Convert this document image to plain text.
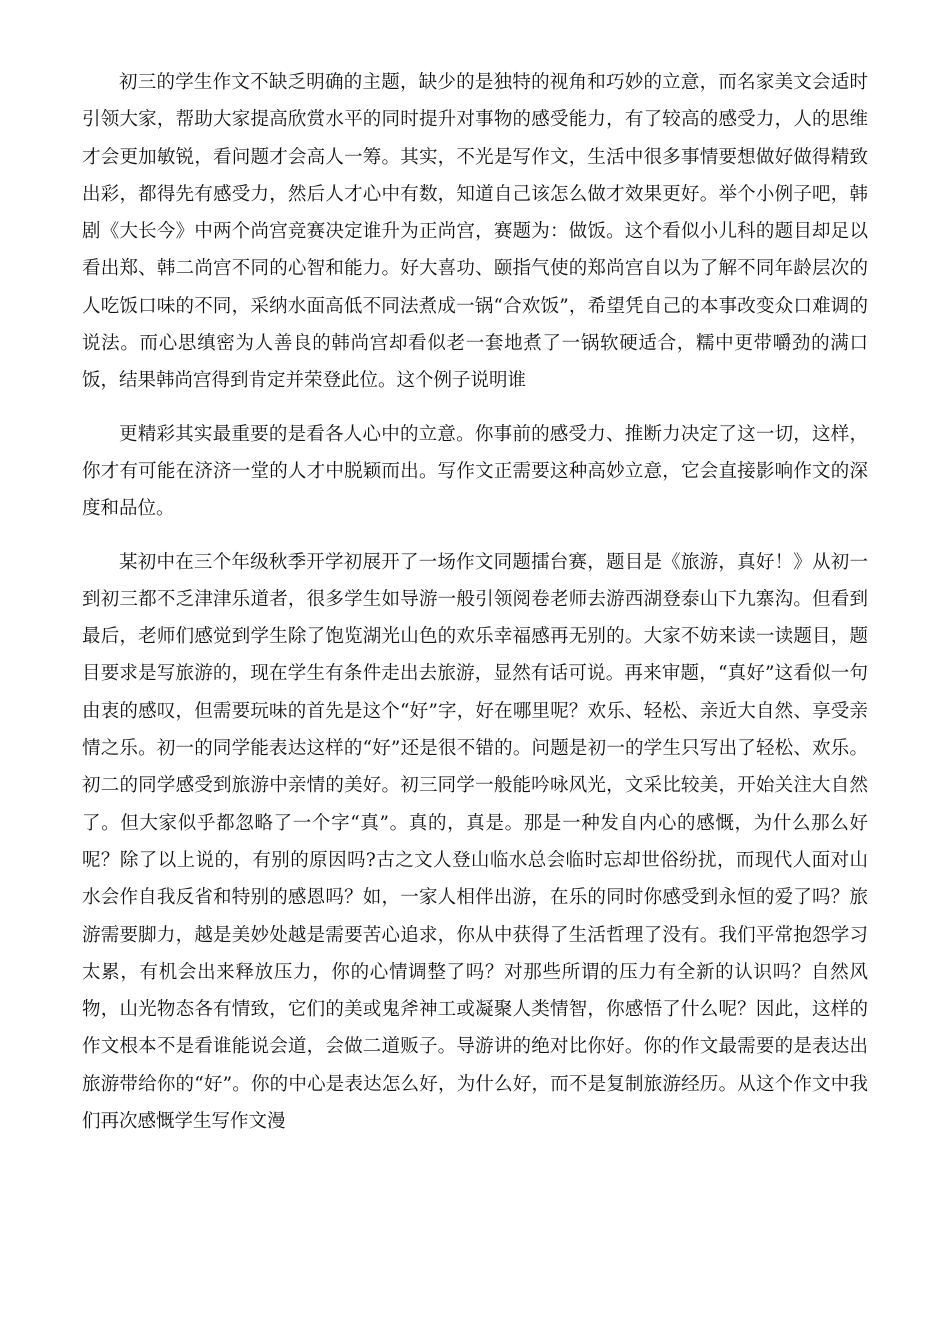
初三的学生作文不缺乏明确的主题，缺少的是独特的视角和巧妙的立意，而名家美文会适时引领大家，帮助大家提高欣赏水平的同时提升对事物的感受能力，有了较高的感受力，人的思维才会更加敏锐，看问题才会高人一筹。其实，不光是写作文，生活中很多事情要想做好做得精致出彩，都得先有感受力，然后人才心中有数，知道自己该怎么做才效果更好。举个小例子吧，韩剧《大长今》中两个尚宫竞赛决定谁升为正尚宫，赛题为：做饭。这个看似小儿科的题目却足以看出郑、韩二尚宫不同的心智和能力。好大喜功、颐指气使的郑尚宫自以为了解不同年龄层次的人吃饭口味的不同，采纳水面高低不同法煮成一锅“合欢饭”，希望凭自己的本事改变众口难调的说法。而心思缜密为人善良的韩尚宫却看似老一套地煮了一锅软硬适合，糯中更带嚼劲的满口饭，结果韩尚宫得到肯定并荣登此位。这个例子说明谁

更精彩其实最重要的是看各人心中的立意。你事前的感受力、推断力决定了这一切，这样，你才有可能在济济一堂的人才中脱颖而出。写作文正需要这种高妙立意，它会直接影响作文的深度和品位。

某初中在三个年级秋季开学初展开了一场作文同题擂台赛，题目是《旅游，真好！》从初一到初三都不乏津津乐道者，很多学生如导游一般引领阅卷老师去游西湖登泰山下九寨沟。但看到最后，老师们感觉到学生除了饱览湖光山色的欢乐幸福感再无别的。大家不妨来读一读题目，题目要求是写旅游的，现在学生有条件走出去旅游，显然有话可说。再来审题，“真好”这看似一句由衷的感叹，但需要玩味的首先是这个“好”字，好在哪里呢？欢乐、轻松、亲近大自然、享受亲情之乐。初一的同学能表达这样的“好”还是很不错的。问题是初一的学生只写出了轻松、欢乐。初二的同学感受到旅游中亲情的美好。初三同学一般能吟咏风光，文采比较美，开始关注大自然了。但大家似乎都忽略了一个字“真”。真的，真是。那是一种发自内心的感慨，为什么那么好呢？除了以上说的，有别的原因吗?古之文人登山临水总会临时忘却世俗纷扰，而现代人面对山水会作自我反省和特别的感恩吗？如，一家人相伴出游，在乐的同时你感受到永恒的爱了吗？旅游需要脚力，越是美妙处越是需要苦心追求，你从中获得了生活哲理了没有。我们平常抱怨学习太累，有机会出来释放压力，你的心情调整了吗？对那些所谓的压力有全新的认识吗？自然风物，山光物态各有情致，它们的美或鬼斧神工或凝聚人类情智，你感悟了什么呢？因此，这样的作文根本不是看谁能说会道，会做二道贩子。导游讲的绝对比你好。你的作文最需要的是表达出旅游带给你的“好”。你的中心是表达怎么好，为什么好，而不是复制旅游经历。从这个作文中我们再次感慨学生写作文漫
